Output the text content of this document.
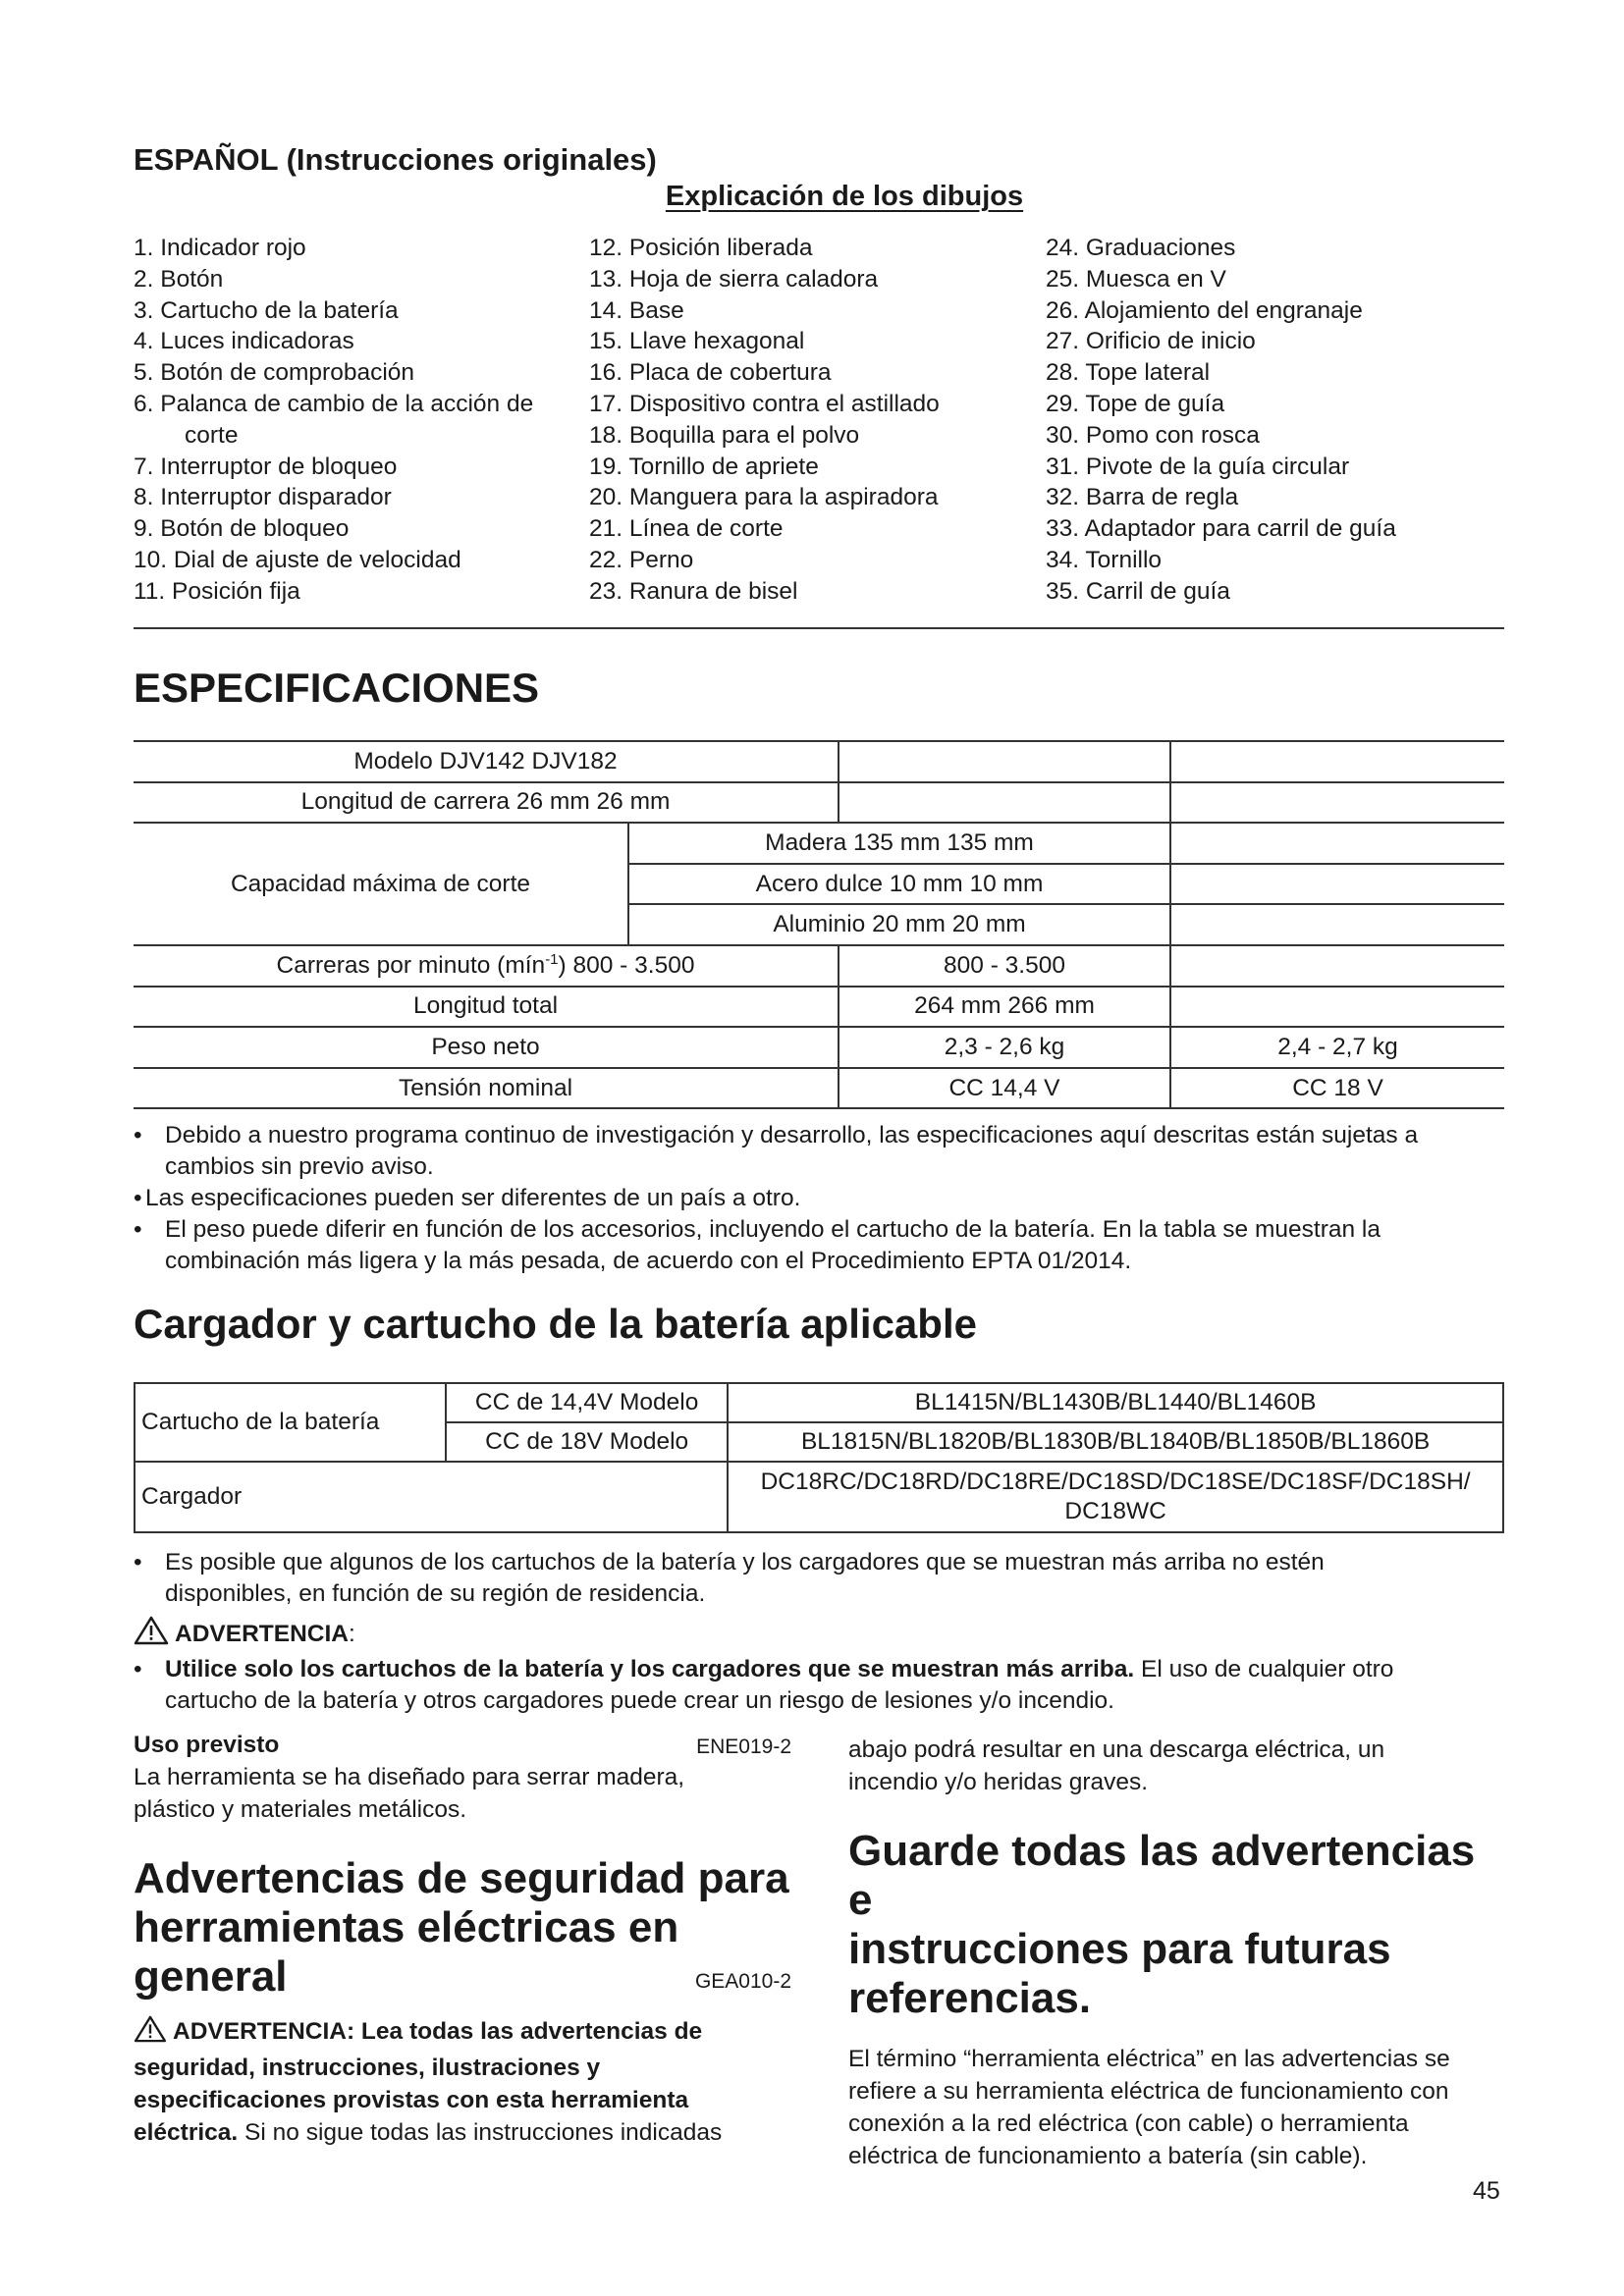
ESPAÑOL (Instrucciones originales)
Explicación de los dibujos
1. Indicador rojo
2. Botón
3. Cartucho de la batería
4. Luces indicadoras
5. Botón de comprobación
6. Palanca de cambio de la acción de
corte
7. Interruptor de bloqueo
8. Interruptor disparador
9. Botón de bloqueo
10. Dial de ajuste de velocidad
11. Posición fija
12. Posición liberada
13. Hoja de sierra caladora
14. Base
15. Llave hexagonal
16. Placa de cobertura
17. Dispositivo contra el astillado
18. Boquilla para el polvo
19. Tornillo de apriete
20. Manguera para la aspiradora
21. Línea de corte
22. Perno
23. Ranura de bisel
24. Graduaciones
25. Muesca en V
26. Alojamiento del engranaje
27. Orificio de inicio
28. Tope lateral
29. Tope de guía
30. Pomo con rosca
31. Pivote de la guía circular
32. Barra de regla
33. Adaptador para carril de guía
34. Tornillo
35. Carril de guía
ESPECIFICACIONES
Modelo DJV142 DJV182			
Longitud de carrera 26 mm 26 mm			
Capacidad máxima de corte	Madera 135 mm 135 mm		
	Acero dulce 10 mm 10 mm		
	Aluminio 20 mm 20 mm		
Carreras por minuto (mín$^{-1}$) 800 - 3.500		800 - 3.500	
Longitud total		264 mm 266 mm	
Peso neto		2,3 - 2,6 kg	2,4 - 2,7 kg
Tensión nominal		CC 14,4 V	CC 18 V
• Debido a nuestro programa continuo de investigación y desarrollo, las especificaciones aquí descritas están sujetas a
cambios sin previo aviso.
• Las especificaciones pueden ser diferentes de un país a otro.
• El peso puede diferir en función de los accesorios, incluyendo el cartucho de la batería. En la tabla se muestran la
combinación más ligera y la más pesada, de acuerdo con el Procedimiento EPTA 01/2014.
Cargador y cartucho de la batería aplicable
Cartucho de la batería	CC de 14,4V Modelo	BL1415N/BL1430B/BL1440/BL1460B
	CC de 18V Modelo	BL1815N/BL1820B/BL1830B/BL1840B/BL1850B/BL1860B
Cargador		DC18RC/DC18RD/DC18RE/DC18SD/DC18SE/DC18SF/DC18SH/
DC18WC
• Es posible que algunos de los cartuchos de la batería y los cargadores que se muestran más arriba no estén
disponibles, en función de su región de residencia.
ADVERTENCIA:
• Utilice solo los cartuchos de la batería y los cargadores que se muestran más arriba. El uso de cualquier otro
cartucho de la batería y otros cargadores puede crear un riesgo de lesiones y/o incendio.
Uso previsto	ENE019-2
La herramienta se ha diseñado para serrar madera,
plástico y materiales metálicos.
Advertencias de seguridad para
herramientas eléctricas en
general	GEA010-2
ADVERTENCIA: Lea todas las advertencias de
seguridad, instrucciones, ilustraciones y
especificaciones provistas con esta herramienta
eléctrica. Si no sigue todas las instrucciones indicadas
abajo podrá resultar en una descarga eléctrica, un
incendio y/o heridas graves.
Guarde todas las advertencias e
instrucciones para futuras
referencias.
El término “herramienta eléctrica” en las advertencias se
refiere a su herramienta eléctrica de funcionamiento con
conexión a la red eléctrica (con cable) o herramienta
eléctrica de funcionamiento a batería (sin cable).
45
